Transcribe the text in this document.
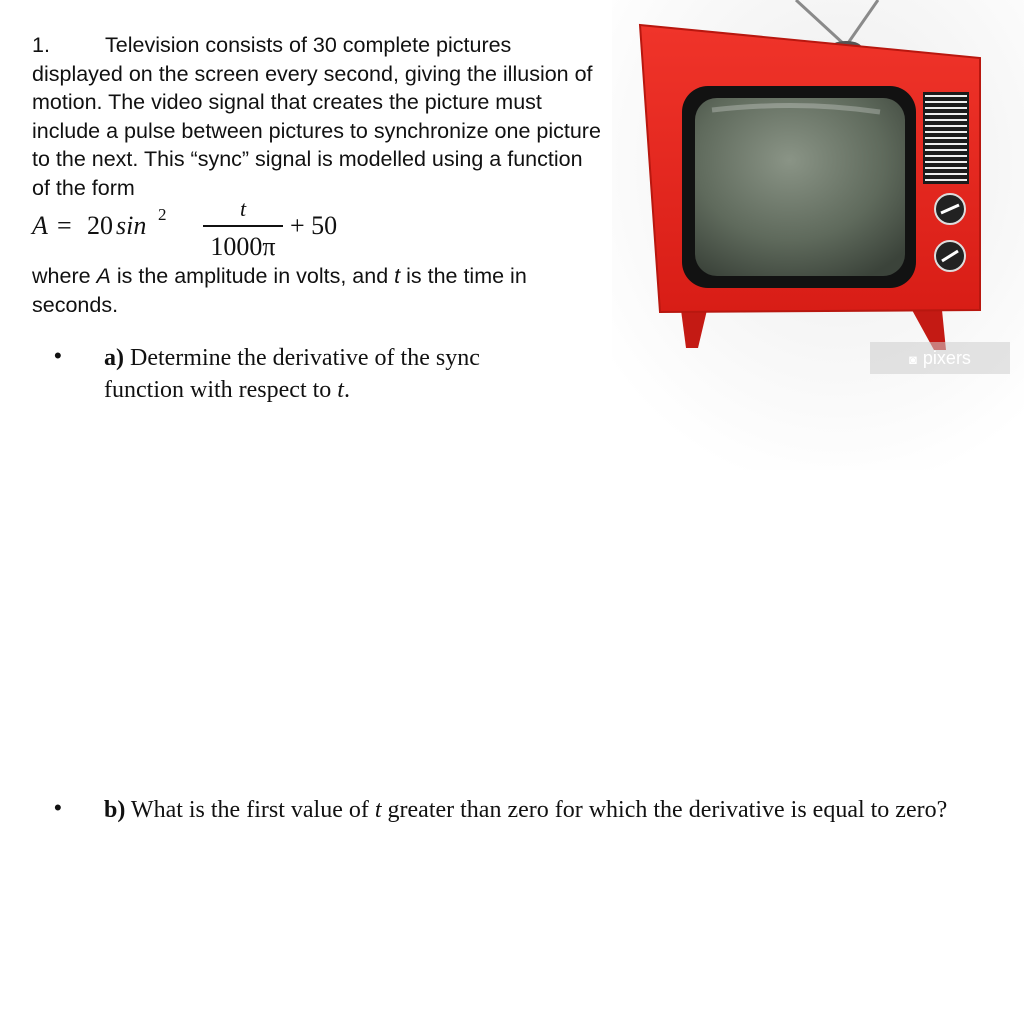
1.	Television consists of 30 complete pictures displayed on the screen every second, giving the illusion of motion. The video signal that creates the picture must include a pulse between pictures to synchronize one picture to the next. This “sync” signal is modelled using a function of the form
A = 20 sin 2	t
1000π
+ 50
where A is the amplitude in volts, and t is the time in seconds.
• a) Determine the derivative of the sync function with respect to t.
• b) What is the first value of t greater than zero for which the derivative is equal to zero?
◙ pixers
